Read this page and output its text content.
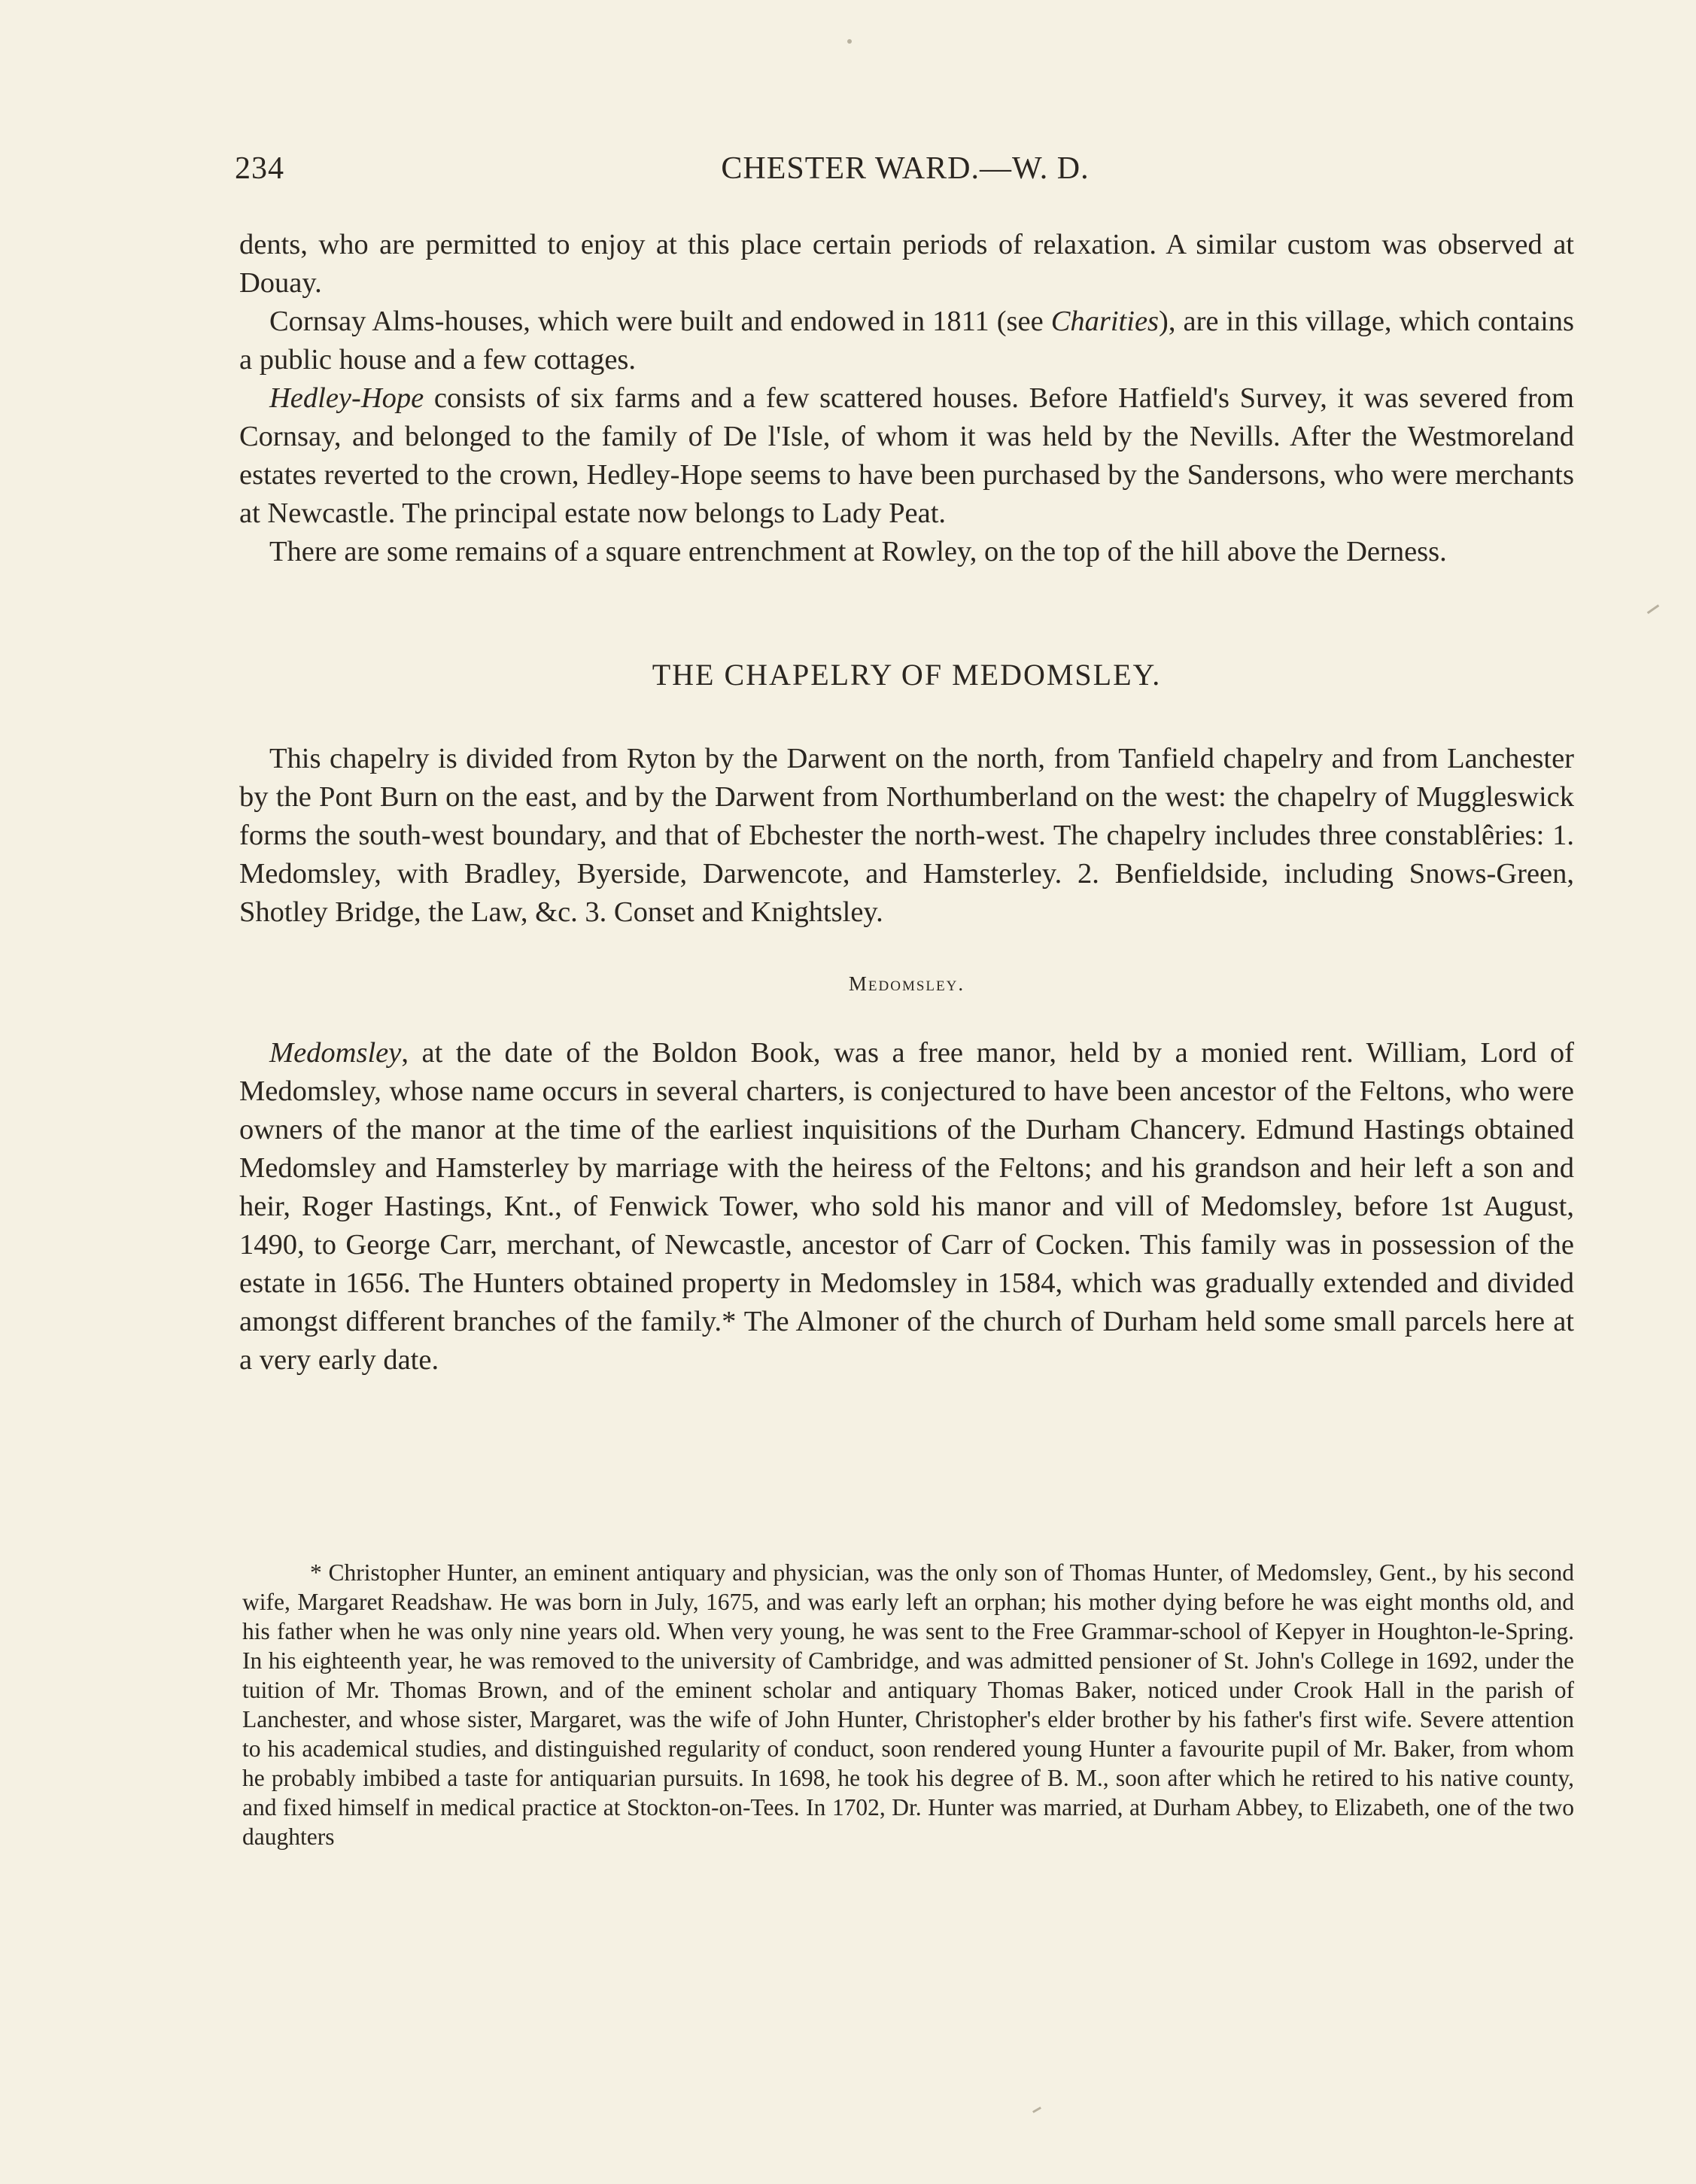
234	CHESTER WARD.—W. D.

dents, who are permitted to enjoy at this place certain periods of relaxation. A similar custom was observed at Douay.

Cornsay Alms-houses, which were built and endowed in 1811 (see Charities), are in this village, which contains a public house and a few cottages.

Hedley-Hope consists of six farms and a few scattered houses. Before Hatfield's Survey, it was severed from Cornsay, and belonged to the family of De l'Isle, of whom it was held by the Nevills. After the Westmoreland estates reverted to the crown, Hedley-Hope seems to have been purchased by the Sandersons, who were merchants at Newcastle. The principal estate now belongs to Lady Peat.

There are some remains of a square entrenchment at Rowley, on the top of the hill above the Derness.

THE CHAPELRY OF MEDOMSLEY.

This chapelry is divided from Ryton by the Darwent on the north, from Tanfield chapelry and from Lanchester by the Pont Burn on the east, and by the Darwent from Northumberland on the west: the chapelry of Muggleswick forms the south-west boundary, and that of Ebchester the north-west. The chapelry includes three constablêries: 1. Medomsley, with Bradley, Byerside, Darwencote, and Hamsterley. 2. Benfieldside, including Snows-Green, Shotley Bridge, the Law, &c. 3. Conset and Knightsley.

Medomsley.

Medomsley, at the date of the Boldon Book, was a free manor, held by a monied rent. William, Lord of Medomsley, whose name occurs in several charters, is conjectured to have been ancestor of the Feltons, who were owners of the manor at the time of the earliest inquisitions of the Durham Chancery. Edmund Hastings obtained Medomsley and Hamsterley by marriage with the heiress of the Feltons; and his grandson and heir left a son and heir, Roger Hastings, Knt., of Fenwick Tower, who sold his manor and vill of Medomsley, before 1st August, 1490, to George Carr, merchant, of Newcastle, ancestor of Carr of Cocken. This family was in possession of the estate in 1656. The Hunters obtained property in Medomsley in 1584, which was gradually extended and divided amongst different branches of the family.* The Almoner of the church of Durham held some small parcels here at a very early date.

* Christopher Hunter, an eminent antiquary and physician, was the only son of Thomas Hunter, of Medomsley, Gent., by his second wife, Margaret Readshaw. He was born in July, 1675, and was early left an orphan; his mother dying before he was eight months old, and his father when he was only nine years old. When very young, he was sent to the Free Grammar-school of Kepyer in Houghton-le-Spring. In his eighteenth year, he was removed to the university of Cambridge, and was admitted pensioner of St. John's College in 1692, under the tuition of Mr. Thomas Brown, and of the eminent scholar and antiquary Thomas Baker, noticed under Crook Hall in the parish of Lanchester, and whose sister, Margaret, was the wife of John Hunter, Christopher's elder brother by his father's first wife. Severe attention to his academical studies, and distinguished regularity of conduct, soon rendered young Hunter a favourite pupil of Mr. Baker, from whom he probably imbibed a taste for antiquarian pursuits. In 1698, he took his degree of B. M., soon after which he retired to his native county, and fixed himself in medical practice at Stockton-on-Tees. In 1702, Dr. Hunter was married, at Durham Abbey, to Elizabeth, one of the two daughters
